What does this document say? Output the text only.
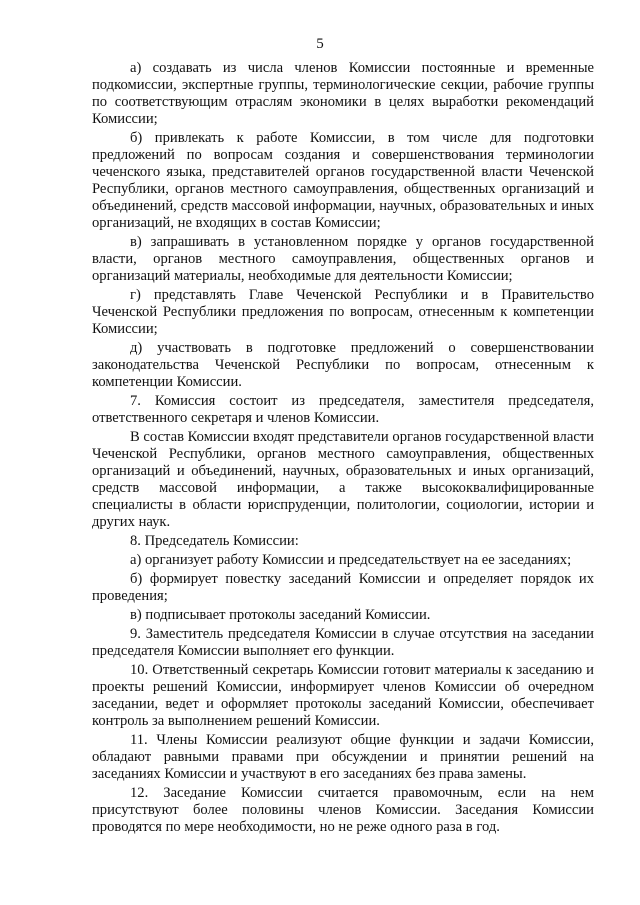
5

а) создавать из числа членов Комиссии постоянные и временные подкомиссии, экспертные группы, терминологические секции, рабочие группы по соответствующим отраслям экономики в целях выработки рекомендаций Комиссии;

б) привлекать к работе Комиссии, в том числе для подготовки предложений по вопросам создания и совершенствования терминологии чеченского языка, представителей органов государственной власти Чеченской Республики, органов местного самоуправления, общественных организаций и объединений, средств массовой информации, научных, образовательных и иных организаций, не входящих в состав Комиссии;

в) запрашивать в установленном порядке у органов государственной власти, органов местного самоуправления, общественных органов и организаций материалы, необходимые для деятельности Комиссии;

г) представлять Главе Чеченской Республики и в Правительство Чеченской Республики предложения по вопросам, отнесенным к компетенции Комиссии;

д) участвовать в подготовке предложений о совершенствовании законодательства Чеченской Республики по вопросам, отнесенным к компетенции Комиссии.

7. Комиссия состоит из председателя, заместителя председателя, ответственного секретаря и членов Комиссии.

В состав Комиссии входят представители органов государственной власти Чеченской Республики, органов местного самоуправления, общественных организаций и объединений, научных, образовательных и иных организаций, средств массовой информации, а также высококвалифицированные специалисты в области юриспруденции, политологии, социологии, истории и других наук.

8. Председатель Комиссии:

а) организует работу Комиссии и председательствует на ее заседаниях;

б) формирует повестку заседаний Комиссии и определяет порядок их проведения;

в) подписывает протоколы заседаний Комиссии.

9. Заместитель председателя Комиссии в случае отсутствия на заседании председателя Комиссии выполняет его функции.

10. Ответственный секретарь Комиссии готовит материалы к заседанию и проекты решений Комиссии, информирует членов Комиссии об очередном заседании, ведет и оформляет протоколы заседаний Комиссии, обеспечивает контроль за выполнением решений Комиссии.

11. Члены Комиссии реализуют общие функции и задачи Комиссии, обладают равными правами при обсуждении и принятии решений на заседаниях Комиссии и участвуют в его заседаниях без права замены.

12. Заседание Комиссии считается правомочным, если на нем присутствуют более половины членов Комиссии. Заседания Комиссии проводятся по мере необходимости, но не реже одного раза в год.
